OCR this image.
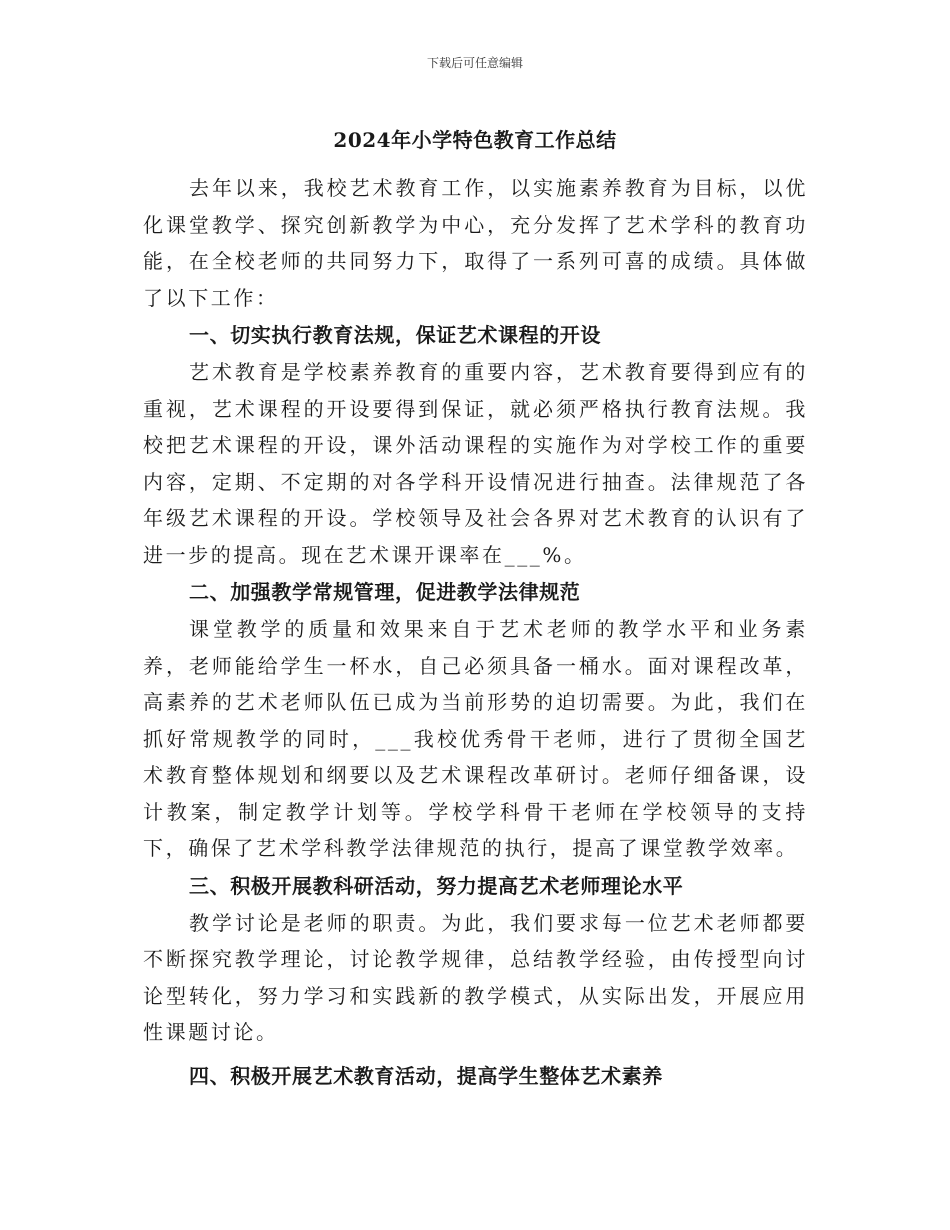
下载后可任意编辑
2024年小学特色教育工作总结

去年以来，我校艺术教育工作，以实施素养教育为目标，以优化课堂教学、探究创新教学为中心，充分发挥了艺术学科的教育功能，在全校老师的共同努力下，取得了一系列可喜的成绩。具体做了以下工作：

一、切实执行教育法规，保证艺术课程的开设

艺术教育是学校素养教育的重要内容，艺术教育要得到应有的重视，艺术课程的开设要得到保证，就必须严格执行教育法规。我校把艺术课程的开设，课外活动课程的实施作为对学校工作的重要内容，定期、不定期的对各学科开设情况进行抽查。法律规范了各年级艺术课程的开设。学校领导及社会各界对艺术教育的认识有了进一步的提高。现在艺术课开课率在___%。

二、加强教学常规管理，促进教学法律规范

课堂教学的质量和效果来自于艺术老师的教学水平和业务素养，老师能给学生一杯水，自己必须具备一桶水。面对课程改革，高素养的艺术老师队伍已成为当前形势的迫切需要。为此，我们在抓好常规教学的同时，___我校优秀骨干老师，进行了贯彻全国艺术教育整体规划和纲要以及艺术课程改革研讨。老师仔细备课，设计教案，制定教学计划等。学校学科骨干老师在学校领导的支持下，确保了艺术学科教学法律规范的执行，提高了课堂教学效率。

三、积极开展教科研活动，努力提高艺术老师理论水平

教学讨论是老师的职责。为此，我们要求每一位艺术老师都要不断探究教学理论，讨论教学规律，总结教学经验，由传授型向讨论型转化，努力学习和实践新的教学模式，从实际出发，开展应用性课题讨论。

四、积极开展艺术教育活动，提高学生整体艺术素养
